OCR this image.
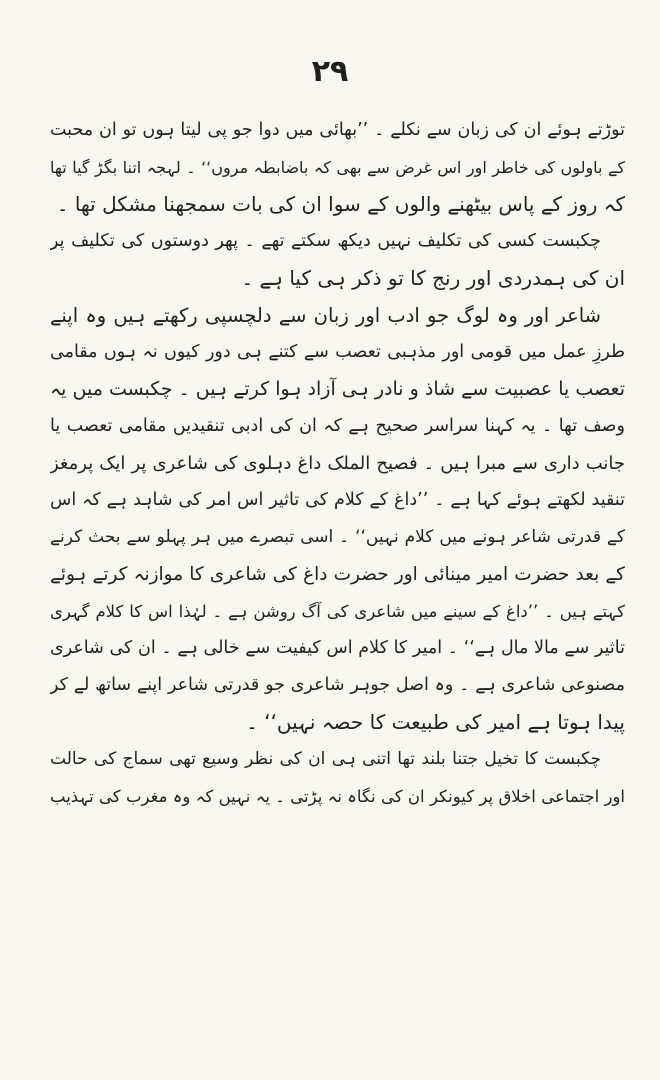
۲۹
توڑتے ہوئے ان کی زبان سے نکلے ۔ ’’بھائی میں دوا جو پی لیتا ہوں تو ان محبت
کے باولوں کی خاطر اور اس غرض سے بھی کہ باضابطہ مروں‘‘ ۔ لہجہ اتنا بگڑ گیا تھا
کہ روز کے پاس بیٹھنے والوں کے سوا ان کی بات سمجھنا مشکل تھا ۔
چکبست کسی کی تکلیف نہیں دیکھ سکتے تھے ۔ پھر دوستوں کی تکلیف پر
ان کی ہمدردی اور رنج کا تو ذکر ہی کیا ہے ۔
شاعر اور وہ لوگ جو ادب اور زبان سے دلچسپی رکھتے ہیں وہ اپنے
طرزِ عمل میں قومی اور مذہبی تعصب سے کتنے ہی دور کیوں نہ ہوں مقامی
تعصب یا عصبیت سے شاذ و نادر ہی آزاد ہوا کرتے ہیں ۔ چکبست میں یہ
وصف تھا ۔ یہ کہنا سراسر صحیح ہے کہ ان کی ادبی تنقیدیں مقامی تعصب یا
جانب داری سے مبرا ہیں ۔ فصیح الملک داغ دہلوی کی شاعری پر ایک پرمغز
تنقید لکھتے ہوئے کہا ہے ۔ ’’داغ کے کلام کی تاثیر اس امر کی شاہد ہے کہ اس
کے قدرتی شاعر ہونے میں کلام نہیں‘‘ ۔ اسی تبصرے میں ہر پہلو سے بحث کرنے
کے بعد حضرت امیر مینائی اور حضرت داغ کی شاعری کا موازنہ کرتے ہوئے
کہتے ہیں ۔ ’’داغ کے سینے میں شاعری کی آگ روشن ہے ۔ لہٰذا اس کا کلام گہری
تاثیر سے مالا مال ہے‘‘ ۔ امیر کا کلام اس کیفیت سے خالی ہے ۔ ان کی شاعری
مصنوعی شاعری ہے ۔ وہ اصل جوہر شاعری جو قدرتی شاعر اپنے ساتھ لے کر
پیدا ہوتا ہے امیر کی طبیعت کا حصہ نہیں‘‘ ۔
چکبست کا تخیل جتنا بلند تھا اتنی ہی ان کی نظر وسیع تھی سماج کی حالت
اور اجتماعی اخلاق پر کیونکر ان کی نگاہ نہ پڑتی ۔ یہ نہیں کہ وہ مغرب کی تہذیب
